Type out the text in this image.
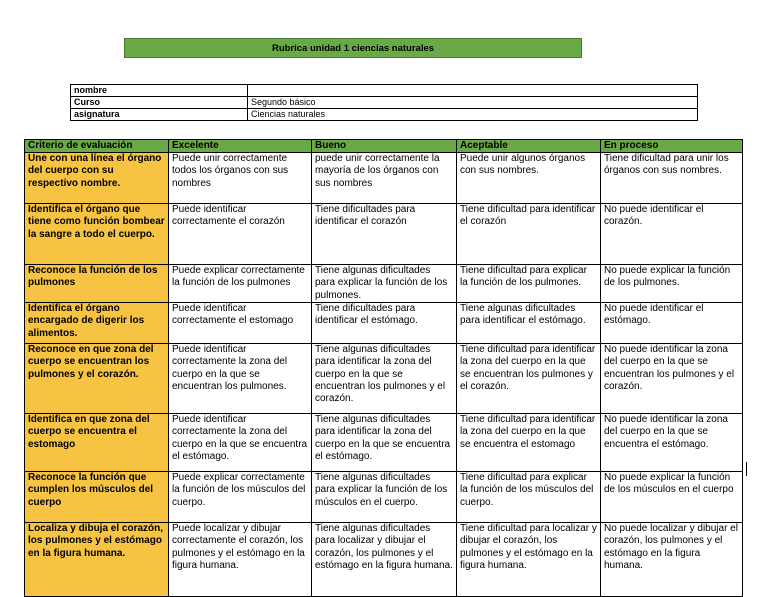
Rubrica unidad 1 ciencias naturales
nombre	
Curso	Segundo básico
asignatura	Ciencias naturales
Criterio de evaluación	Excelente	Bueno	Aceptable	En proceso
Une con una línea el órgano del cuerpo con su respectivo nombre.	Puede unir correctamente todos los órganos con sus nombres	puede unir correctamente la mayoría de los órganos con sus nombres	Puede unir algunos órganos con sus nombres.	Tiene dificultad para unir los órganos con sus nombres.
Identifica el órgano que tiene como función bombear la sangre a todo el cuerpo.	Puede identificar correctamente el corazón	Tiene dificultades para identificar el corazón	Tiene dificultad para identificar el corazón	No puede identificar el corazón.
Reconoce la función de los pulmones	Puede explicar correctamente la función de los pulmones	Tiene algunas dificultades para explicar la función de los pulmones.	Tiene dificultad para explicar la función de los pulmones.	No puede explicar la función de los pulmones.
Identifica el órgano encargado de digerir los alimentos.	Puede identificar correctamente el estomago	Tiene dificultades para identificar el estómago.	Tiene algunas dificultades para identificar el estómago.	No puede identificar el estómago.
Reconoce en que zona del cuerpo se encuentran los pulmones y el corazón.	Puede identificar correctamente la zona del cuerpo en la que se encuentran los pulmones.	Tiene algunas dificultades para identificar la zona del cuerpo en la que se encuentran los pulmones y el corazón.	Tiene dificultad para identificar la zona del cuerpo en la que se encuentran los pulmones y el corazón.	No puede identificar la zona del cuerpo en la que se encuentran los pulmones y el corazón.
Identifica en que zona del cuerpo se encuentra el estomago	Puede identificar correctamente la zona del cuerpo en la que se encuentra el estómago.	Tiene algunas dificultades para identificar la zona del cuerpo en la que se encuentra el estómago.	Tiene dificultad para identificar la zona del cuerpo en la que se encuentra el estomago	No puede identificar la zona del cuerpo en la que se encuentra el estómago.
Reconoce la función que cumplen los músculos del cuerpo	Puede explicar correctamente la función de los músculos del cuerpo.	Tiene algunas dificultades para explicar la función de los músculos en el cuerpo.	Tiene dificultad para explicar la función de los músculos del cuerpo.	No puede explicar la función de los músculos en el cuerpo
Localiza y dibuja el corazón, los pulmones y el estómago en la figura humana.	Puede localizar y dibujar correctamente el corazón, los pulmones y el estómago en la figura humana.	Tiene algunas dificultades para localizar y dibujar el corazón, los pulmones y el estómago en la figura humana.	Tiene dificultad para localizar y dibujar el corazón, los pulmones y el estómago en la figura humana.	No puede localizar y dibujar el corazón, los pulmones y el estómago en la figura humana.
